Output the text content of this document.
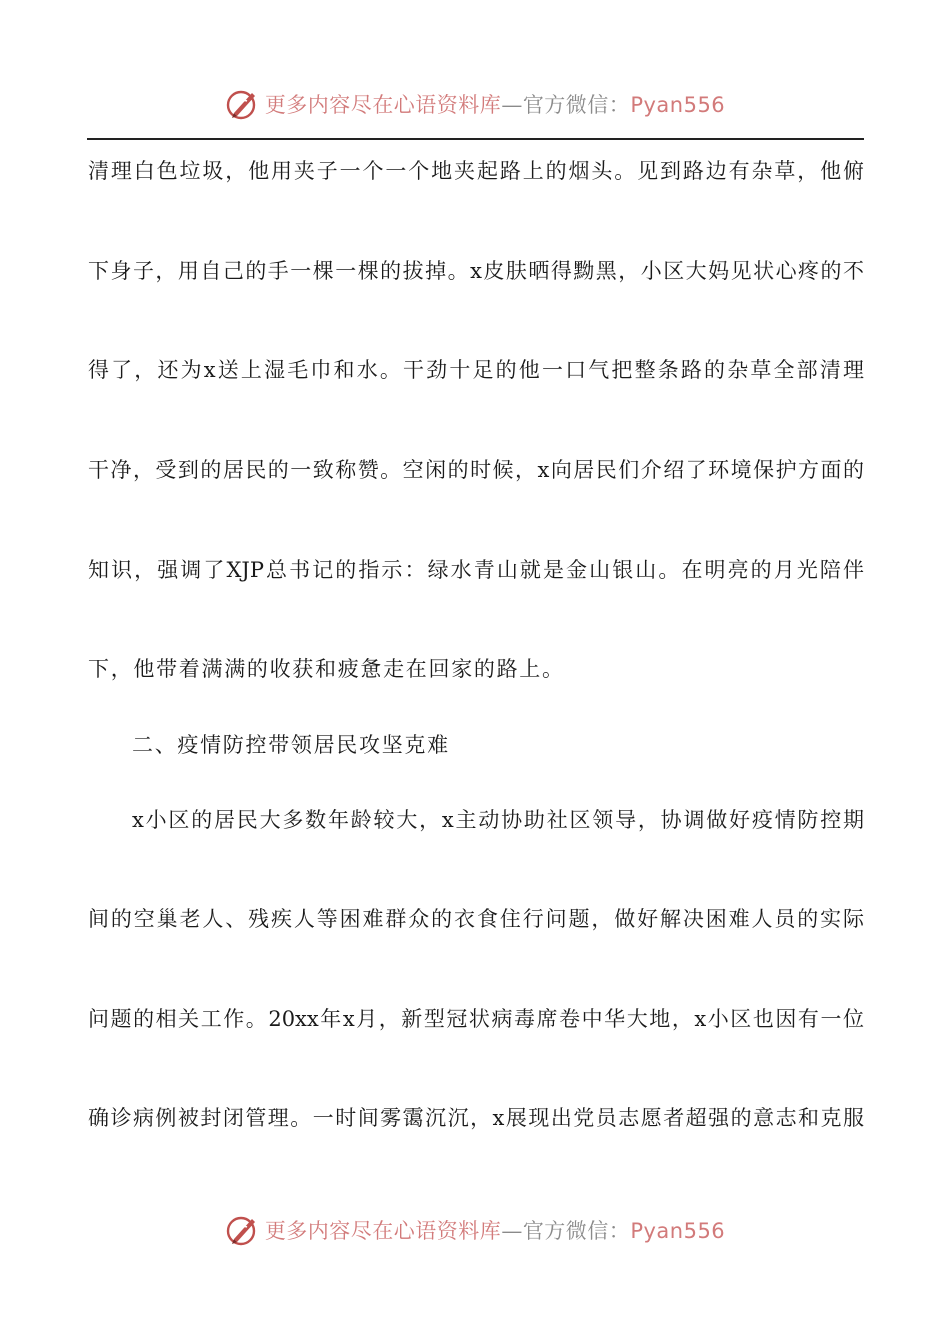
更多内容尽在心语资料库—官方微信：Pyan556
清理白色垃圾，他用夹子一个一个地夹起路上的烟头。见到路边有杂草，他俯
下身子，用自己的手一棵一棵的拔掉。x皮肤晒得黝黑，小区大妈见状心疼的不
得了，还为x送上湿毛巾和水。干劲十足的他一口气把整条路的杂草全部清理
干净，受到的居民的一致称赞。空闲的时候，x向居民们介绍了环境保护方面的
知识，强调了XJP总书记的指示：绿水青山就是金山银山。在明亮的月光陪伴
下，他带着满满的收获和疲惫走在回家的路上。
二、疫情防控带领居民攻坚克难
x小区的居民大多数年龄较大，x主动协助社区领导，协调做好疫情防控期
间的空巢老人、残疾人等困难群众的衣食住行问题，做好解决困难人员的实际
问题的相关工作。20xx年x月，新型冠状病毒席卷中华大地，x小区也因有一位
确诊病例被封闭管理。一时间雾霭沉沉，x展现出党员志愿者超强的意志和克服
更多内容尽在心语资料库—官方微信：Pyan556
